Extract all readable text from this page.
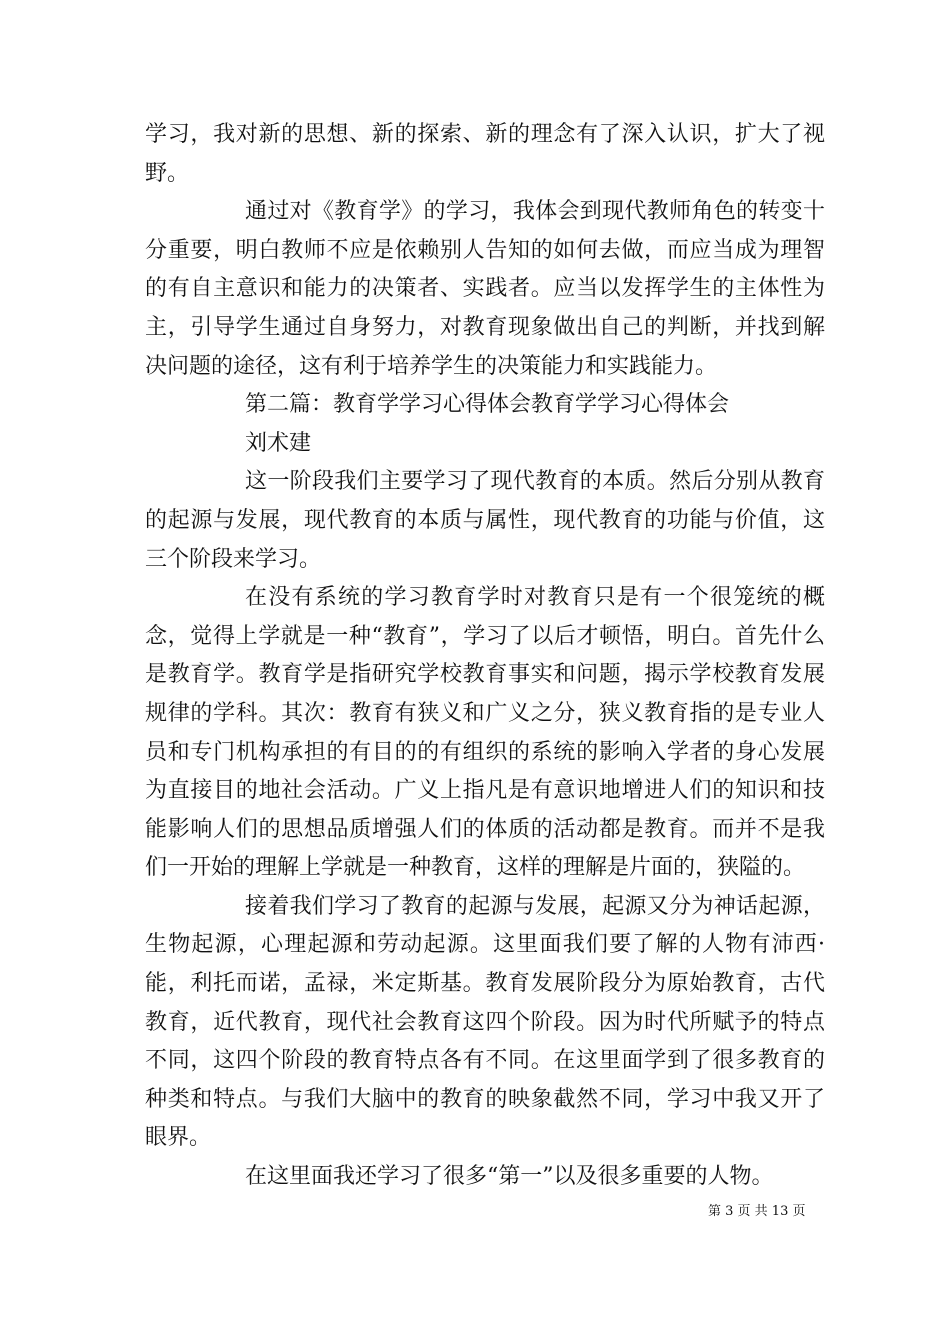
学习，我对新的思想、新的探索、新的理念有了深入认识，扩大了视野。

通过对《教育学》的学习，我体会到现代教师角色的转变十分重要，明白教师不应是依赖别人告知的如何去做，而应当成为理智的有自主意识和能力的决策者、实践者。应当以发挥学生的主体性为主，引导学生通过自身努力，对教育现象做出自己的判断，并找到解决问题的途径，这有利于培养学生的决策能力和实践能力。

第二篇：教育学学习心得体会教育学学习心得体会

刘术建

这一阶段我们主要学习了现代教育的本质。然后分别从教育的起源与发展，现代教育的本质与属性，现代教育的功能与价值，这三个阶段来学习。

在没有系统的学习教育学时对教育只是有一个很笼统的概念，觉得上学就是一种“教育”，学习了以后才顿悟，明白。首先什么是教育学。教育学是指研究学校教育事实和问题，揭示学校教育发展规律的学科。其次：教育有狭义和广义之分，狭义教育指的是专业人员和专门机构承担的有目的的有组织的系统的影响入学者的身心发展为直接目的地社会活动。广义上指凡是有意识地增进人们的知识和技能影响人们的思想品质增强人们的体质的活动都是教育。而并不是我们一开始的理解上学就是一种教育，这样的理解是片面的，狭隘的。

接着我们学习了教育的起源与发展，起源又分为神话起源，生物起源，心理起源和劳动起源。这里面我们要了解的人物有沛西·能，利托而诺，孟禄，米定斯基。教育发展阶段分为原始教育，古代教育，近代教育，现代社会教育这四个阶段。因为时代所赋予的特点不同，这四个阶段的教育特点各有不同。在这里面学到了很多教育的种类和特点。与我们大脑中的教育的映象截然不同，学习中我又开了眼界。

在这里面我还学习了很多“第一”以及很多重要的人物。

第 3 页 共 13 页
